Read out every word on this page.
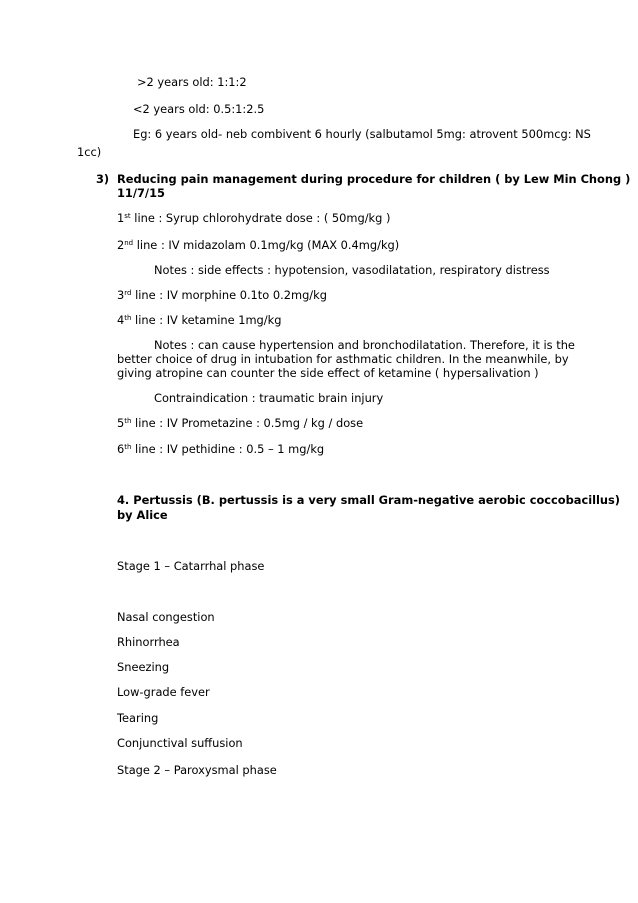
>2 years old: 1:1:2
<2 years old: 0.5:1:2.5
Eg: 6 years old- neb combivent 6 hourly (salbutamol 5mg: atrovent 500mcg: NS
1cc)
3) Reducing pain management during procedure for children ( by Lew Min Chong )
11/7/15
1st line : Syrup chlorohydrate dose : ( 50mg/kg )
2nd line : IV midazolam 0.1mg/kg (MAX 0.4mg/kg)
Notes : side effects : hypotension, vasodilatation, respiratory distress
3rd line : IV morphine 0.1to 0.2mg/kg
4th line : IV ketamine 1mg/kg
Notes : can cause hypertension and bronchodilatation. Therefore, it is the
better choice of drug in intubation for asthmatic children. In the meanwhile, by
giving atropine can counter the side effect of ketamine ( hypersalivation )
Contraindication : traumatic brain injury
5th line : IV Prometazine : 0.5mg / kg / dose
6th line : IV pethidine : 0.5 – 1 mg/kg
4. Pertussis (B. pertussis is a very small Gram-negative aerobic coccobacillus)
by Alice
Stage 1 – Catarrhal phase
Nasal congestion
Rhinorrhea
Sneezing
Low-grade fever
Tearing
Conjunctival suffusion
Stage 2 – Paroxysmal phase
